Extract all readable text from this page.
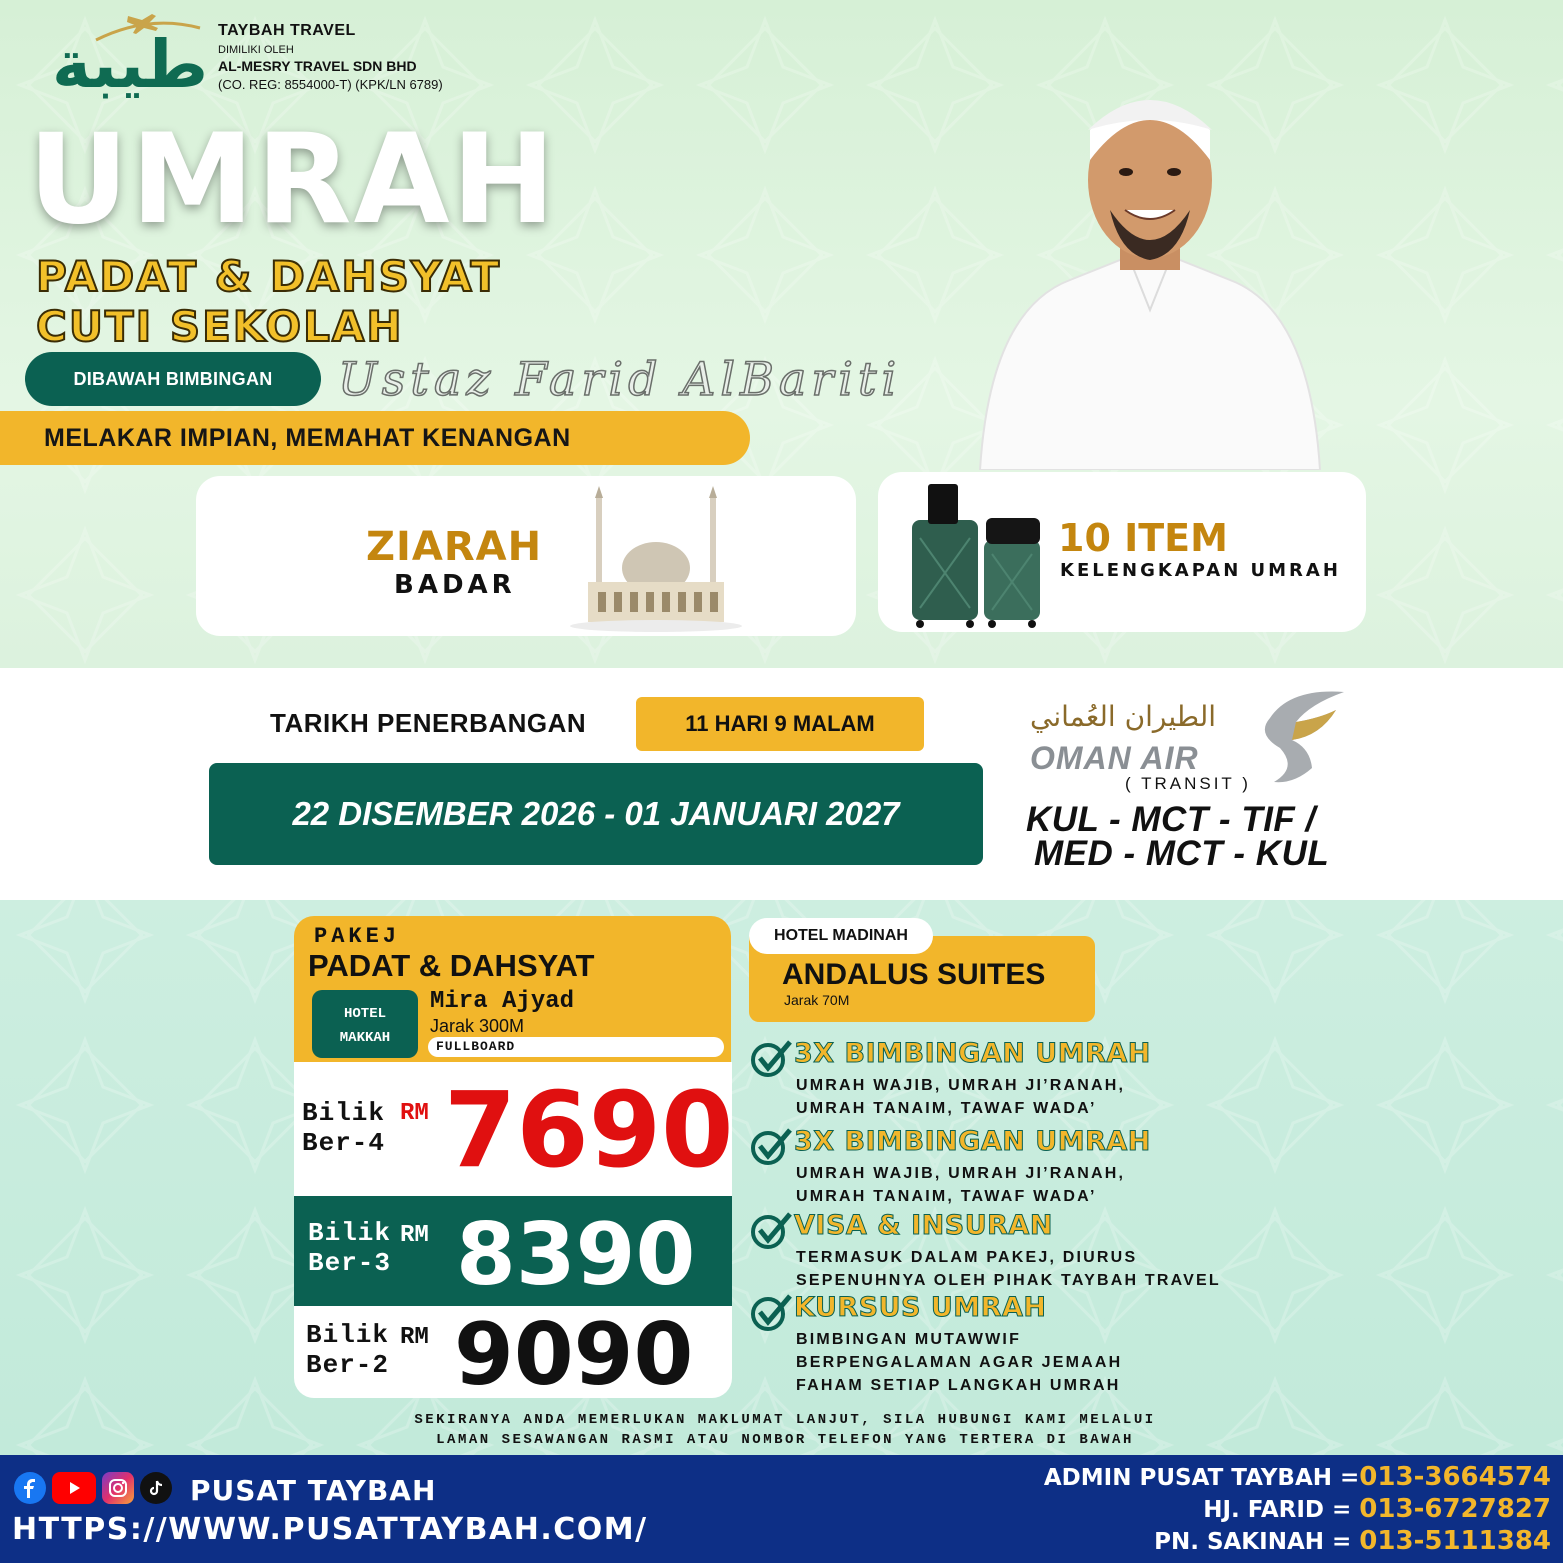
طيبة TAYBAH TRAVEL
DIMILIKI OLEH
AL-MESRY TRAVEL SDN BHD
(CO. REG: 8554000-T) (KPK/LN 6789)
UMRAH
PADAT & DAHSYAT
CUTI SEKOLAH
DIBAWAH BIMBINGAN	Ustaz Farid AlBariti
MELAKAR IMPIAN, MEMAHAT KENANGAN
ZIARAH
BADAR
10 ITEM
KELENGKAPAN UMRAH
TARIKH PENERBANGAN	11 HARI 9 MALAM
22 DISEMBER 2026 - 01 JANUARI 2027
الطيران العُماني
OMAN AIR
( TRANSIT )
KUL - MCT - TIF /
MED - MCT - KUL
PAKEJ
PADAT & DAHSYAT
HOTEL
MAKKAH
Mira Ajyad
Jarak 300M
FULLBOARD
Bilik
Ber-4
RM 7690
Bilik
Ber-3
RM 8390
Bilik
Ber-2
RM 9090
HOTEL MADINAH
ANDALUS SUITES
Jarak 70M
3X BIMBINGAN UMRAH
UMRAH WAJIB, UMRAH JI’RANAH,
UMRAH TANAIM, TAWAF WADA’
3X BIMBINGAN UMRAH
UMRAH WAJIB, UMRAH JI’RANAH,
UMRAH TANAIM, TAWAF WADA’
VISA & INSURAN
TERMASUK DALAM PAKEJ, DIURUS
SEPENUHNYA OLEH PIHAK TAYBAH TRAVEL
KURSUS UMRAH
BIMBINGAN MUTAWWIF
BERPENGALAMAN AGAR JEMAAH
FAHAM SETIAP LANGKAH UMRAH
SEKIRANYA ANDA MEMERLUKAN MAKLUMAT LANJUT, SILA HUBUNGI KAMI MELALUI
LAMAN SESAWANGAN RASMI ATAU NOMBOR TELEFON YANG TERTERA DI BAWAH
PUSAT TAYBAH
HTTPS://WWW.PUSATTAYBAH.COM/
ADMIN PUSAT TAYBAH =013-3664574
HJ. FARID = 013-6727827
PN. SAKINAH = 013-5111384
